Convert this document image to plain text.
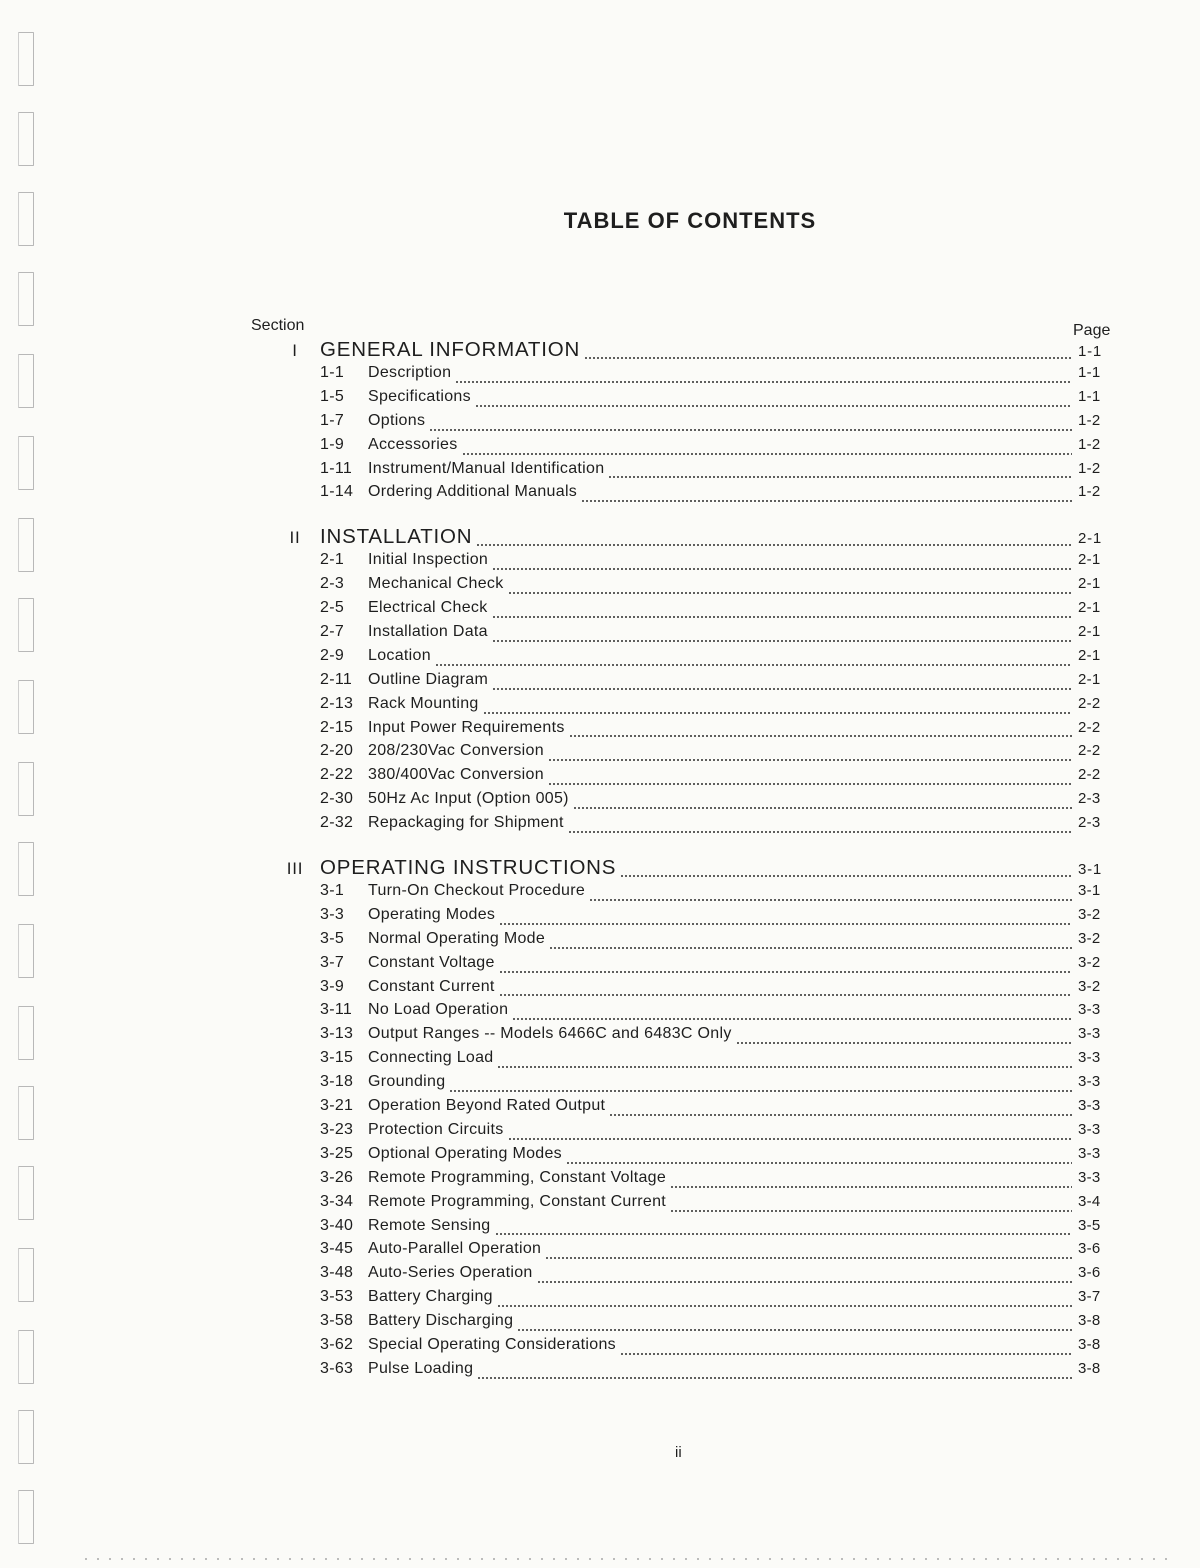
TABLE OF CONTENTS
Section	Page
I	GENERAL INFORMATION	1-1
1-1	Description	1-1
1-5	Specifications	1-1
1-7	Options	1-2
1-9	Accessories	1-2
1-11 Instrument/Manual Identification	1-2
1-14 Ordering Additional Manuals	1-2
II INSTALLATION	2-1
2-1	Initial Inspection	2-1
2-3	Mechanical Check	2-1
2-5	Electrical Check	2-1
2-7	Installation Data	2-1
2-9	Location	2-1
2-11 Outline Diagram	2-1
2-13 Rack Mounting	2-2
2-15 Input Power Requirements	2-2
2-20 208/230Vac Conversion	2-2
2-22 380/400Vac Conversion	2-2
2-30 50Hz Ac Input (Option 005)	2-3
2-32 Repackaging for Shipment	2-3
III OPERATING INSTRUCTIONS	3-1
3-1	Turn-On Checkout Procedure	3-1
3-3	Operating Modes	3-2
3-5	Normal Operating Mode	3-2
3-7	Constant Voltage	3-2
3-9	Constant Current	3-2
3-11 No Load Operation	3-3
3-13 Output Ranges -- Models 6466C and 6483C Only	3-3
3-15 Connecting Load	3-3
3-18 Grounding	3-3
3-21 Operation Beyond Rated Output	3-3
3-23 Protection Circuits	3-3
3-25 Optional Operating Modes	3-3
3-26 Remote Programming, Constant Voltage	3-3
3-34 Remote Programming, Constant Current	3-4
3-40 Remote Sensing	3-5
3-45 Auto-Parallel Operation	3-6
3-48 Auto-Series Operation	3-6
3-53 Battery Charging	3-7
3-58 Battery Discharging	3-8
3-62 Special Operating Considerations	3-8
3-63 Pulse Loading	3-8
ii
